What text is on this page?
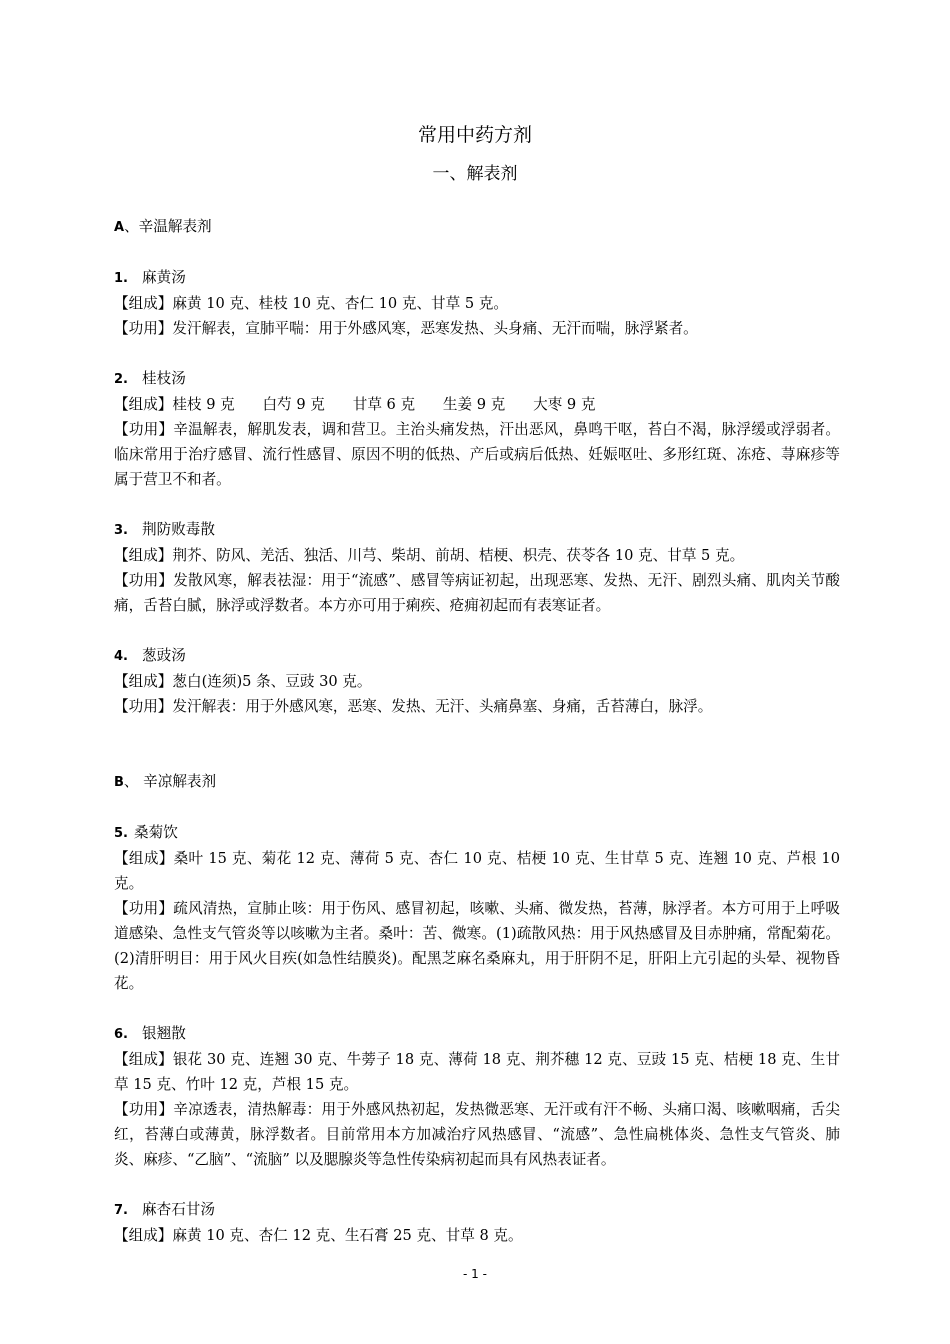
常用中药方剂
一、解表剂

A、辛温解表剂

1. 麻黄汤

【组成】麻黄 10 克、桂枝 10 克、杏仁 10 克、甘草 5 克。

【功用】发汗解表，宣肺平喘：用于外感风寒，恶寒发热、头身痛、无汗而喘，脉浮紧者。

2. 桂枝汤

【组成】桂枝 9 克      白芍 9 克      甘草 6 克      生姜 9 克      大枣 9 克

【功用】辛温解表，解肌发表，调和营卫。主治头痛发热，汗出恶风，鼻鸣干呕，苔白不渴，脉浮缓或浮弱者。临床常用于治疗感冒、流行性感冒、原因不明的低热、产后或病后低热、妊娠呕吐、多形红斑、冻疮、荨麻疹等属于营卫不和者。

3. 荆防败毒散

【组成】荆芥、防风、羌活、独活、川芎、柴胡、前胡、桔梗、枳壳、茯苓各 10 克、甘草 5 克。

【功用】发散风寒，解表祛湿：用于“流感”、感冒等病证初起，出现恶寒、发热、无汗、剧烈头痛、肌肉关节酸痛，舌苔白腻，脉浮或浮数者。本方亦可用于痢疾、疮痈初起而有表寒证者。

4. 葱豉汤

【组成】葱白(连须)5 条、豆豉 30 克。

【功用】发汗解表：用于外感风寒，恶寒、发热、无汗、头痛鼻塞、身痛，舌苔薄白，脉浮。

B、 辛凉解表剂

5. 桑菊饮

【组成】桑叶 15 克、菊花 12 克、薄荷 5 克、杏仁 10 克、桔梗 10 克、生甘草 5 克、连翘 10 克、芦根 10 克。

【功用】疏风清热，宣肺止咳：用于伤风、感冒初起，咳嗽、头痛、微发热，苔薄，脉浮者。本方可用于上呼吸道感染、急性支气管炎等以咳嗽为主者。桑叶：苦、微寒。(1)疏散风热：用于风热感冒及目赤肿痛，常配菊花。(2)清肝明目：用于风火目疾(如急性结膜炎)。配黑芝麻名桑麻丸，用于肝阴不足，肝阳上亢引起的头晕、视物昏花。

6. 银翘散

【组成】银花 30 克、连翘 30 克、牛蒡子 18 克、薄荷 18 克、荆芥穗 12 克、豆豉 15 克、桔梗 18 克、生甘草 15 克、竹叶 12 克，芦根 15 克。

【功用】辛凉透表，清热解毒：用于外感风热初起，发热微恶寒、无汗或有汗不畅、头痛口渴、咳嗽咽痛，舌尖红，苔薄白或薄黄，脉浮数者。目前常用本方加减治疗风热感冒、“流感”、急性扁桃体炎、急性支气管炎、肺炎、麻疹、“乙脑”、“流脑” 以及腮腺炎等急性传染病初起而具有风热表证者。

7. 麻杏石甘汤

【组成】麻黄 10 克、杏仁 12 克、生石膏 25 克、甘草 8 克。

- 1 -
